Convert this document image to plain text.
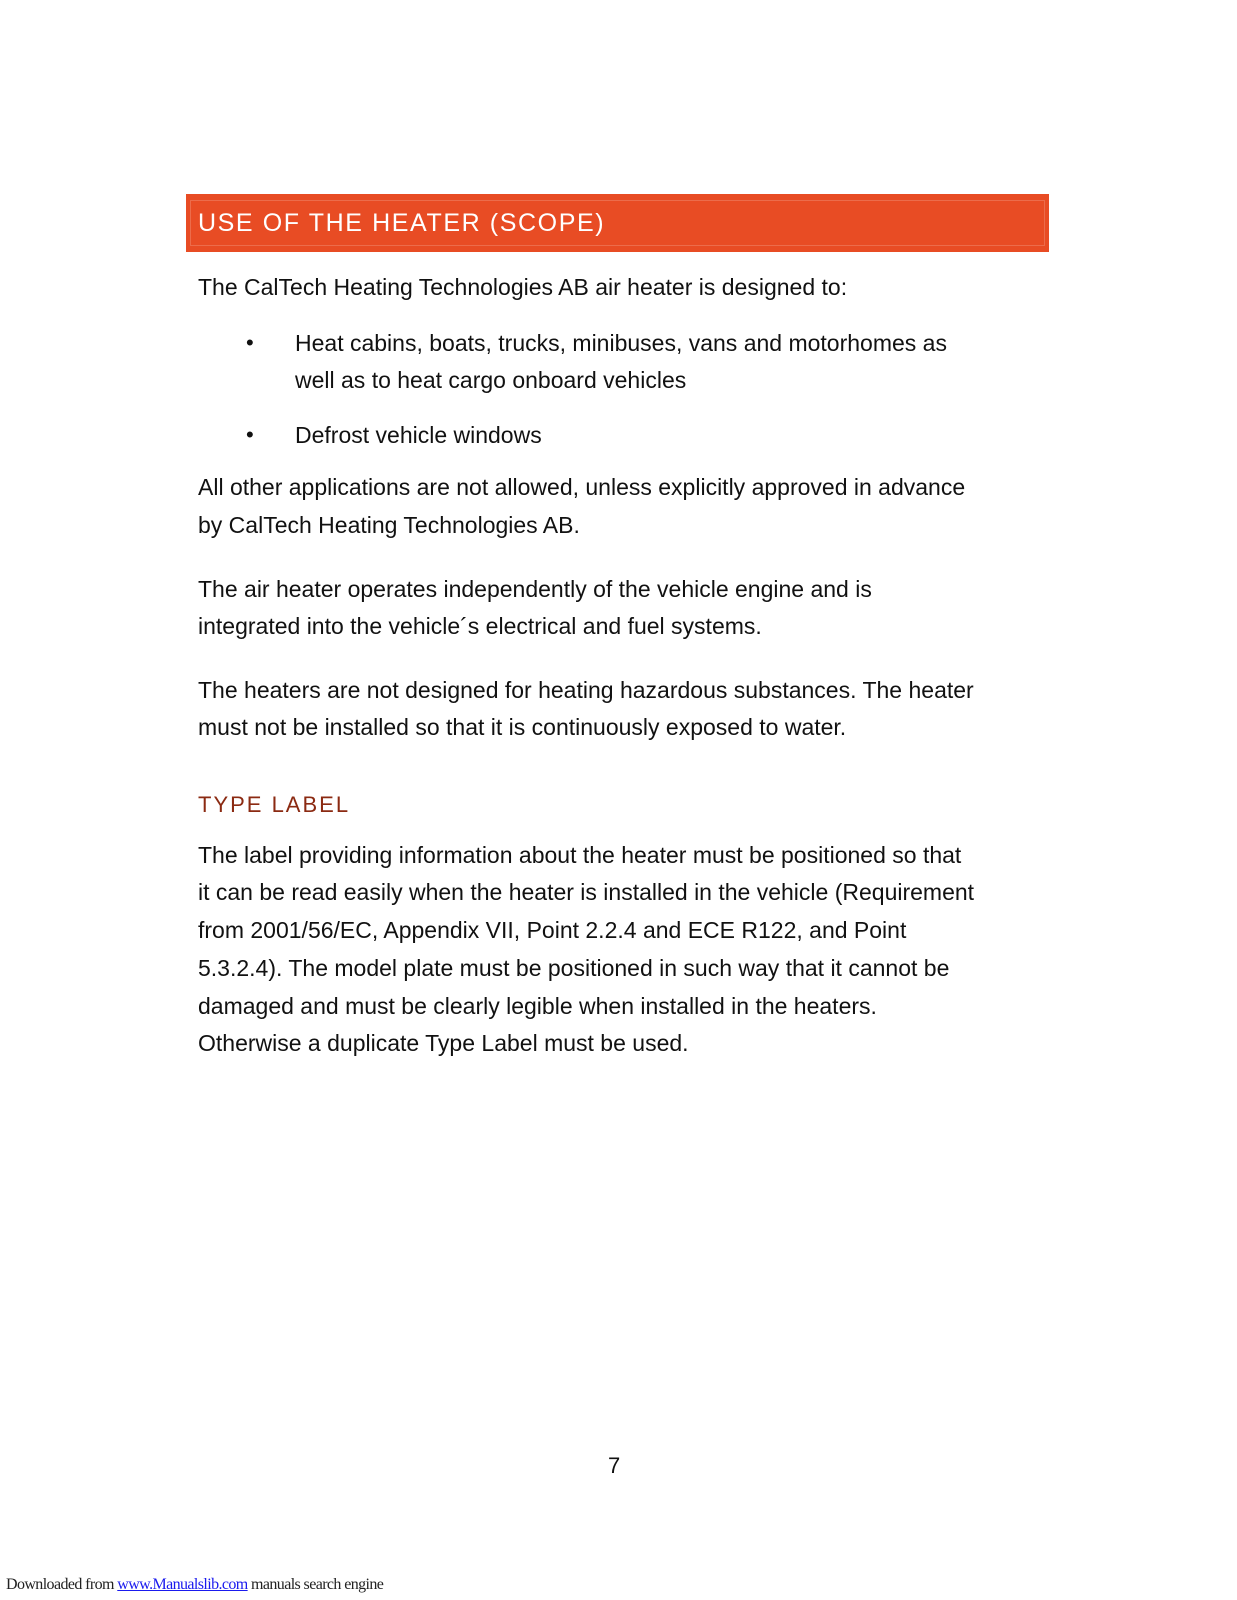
USE OF THE HEATER (SCOPE)
The CalTech Heating Technologies AB air heater is designed to:
• Heat cabins, boats, trucks, minibuses, vans and motorhomes as
well as to heat cargo onboard vehicles
• Defrost vehicle windows
All other applications are not allowed, unless explicitly approved in advance
by CalTech Heating Technologies AB.
The air heater operates independently of the vehicle engine and is
integrated into the vehicle´s electrical and fuel systems.
The heaters are not designed for heating hazardous substances. The heater
must not be installed so that it is continuously exposed to water.
TYPE LABEL
The label providing information about the heater must be positioned so that
it can be read easily when the heater is installed in the vehicle (Requirement
from 2001/56/EC, Appendix VII, Point 2.2.4 and ECE R122, and Point
5.3.2.4). The model plate must be positioned in such way that it cannot be
damaged and must be clearly legible when installed in the heaters.
Otherwise a duplicate Type Label must be used.
7
Downloaded from www.Manualslib.com manuals search engine
